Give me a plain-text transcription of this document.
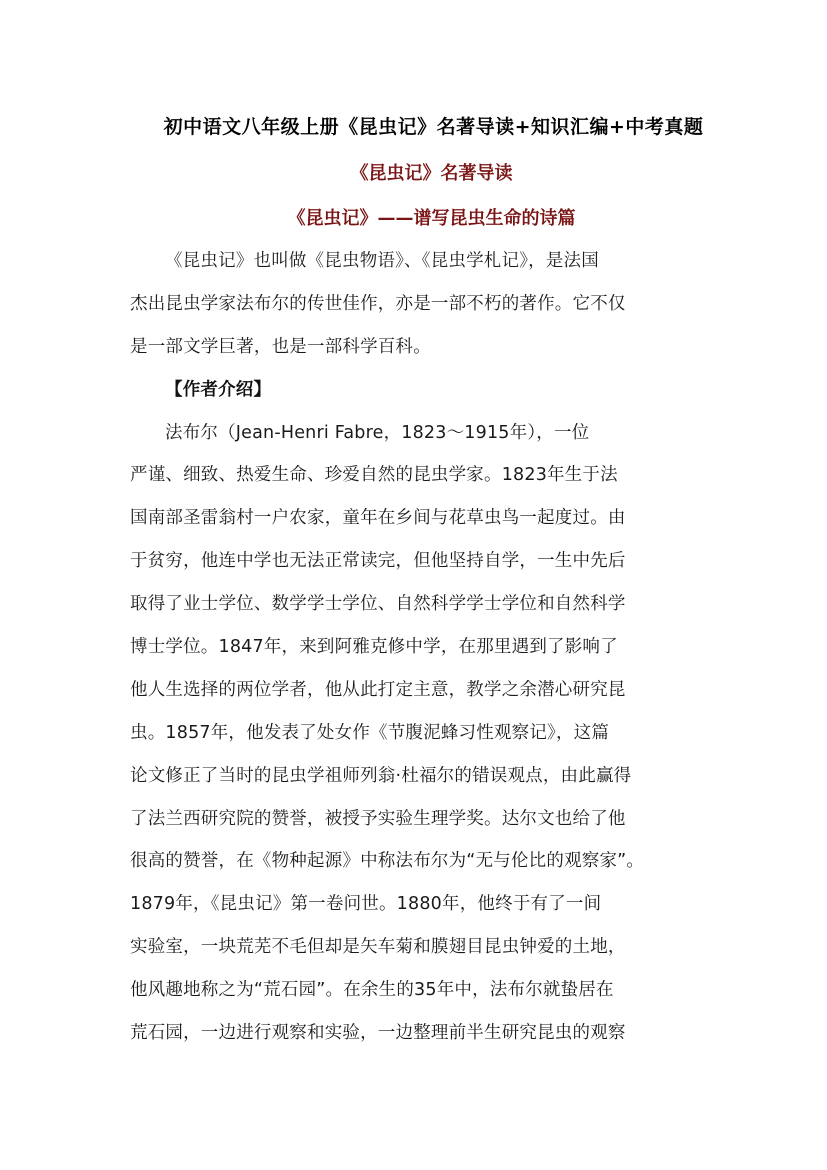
初中语文八年级上册《昆虫记》名著导读+知识汇编+中考真题
《昆虫记》名著导读
《昆虫记》——谱写昆虫生命的诗篇
《昆虫记》也叫做《昆虫物语》、《昆虫学札记》，是法国
杰出昆虫学家法布尔的传世佳作，亦是一部不朽的著作。它不仅
是一部文学巨著，也是一部科学百科。
【作者介绍】
法布尔（Jean-Henri Fabre，1823～1915年），一位
严谨、细致、热爱生命、珍爱自然的昆虫学家。1823年生于法
国南部圣雷翁村一户农家，童年在乡间与花草虫鸟一起度过。由
于贫穷，他连中学也无法正常读完，但他坚持自学，一生中先后
取得了业士学位、数学学士学位、自然科学学士学位和自然科学
博士学位。1847年，来到阿雅克修中学，在那里遇到了影响了
他人生选择的两位学者，他从此打定主意，教学之余潜心研究昆
虫。1857年，他发表了处女作《节腹泥蜂习性观察记》，这篇
论文修正了当时的昆虫学祖师列翁·杜福尔的错误观点，由此赢得
了法兰西研究院的赞誉，被授予实验生理学奖。达尔文也给了他
很高的赞誉，在《物种起源》中称法布尔为“无与伦比的观察家”。
1879年，《昆虫记》第一卷问世。1880年，他终于有了一间
实验室，一块荒芜不毛但却是矢车菊和膜翅目昆虫钟爱的土地，
他风趣地称之为“荒石园”。在余生的35年中，法布尔就蛰居在
荒石园，一边进行观察和实验，一边整理前半生研究昆虫的观察
